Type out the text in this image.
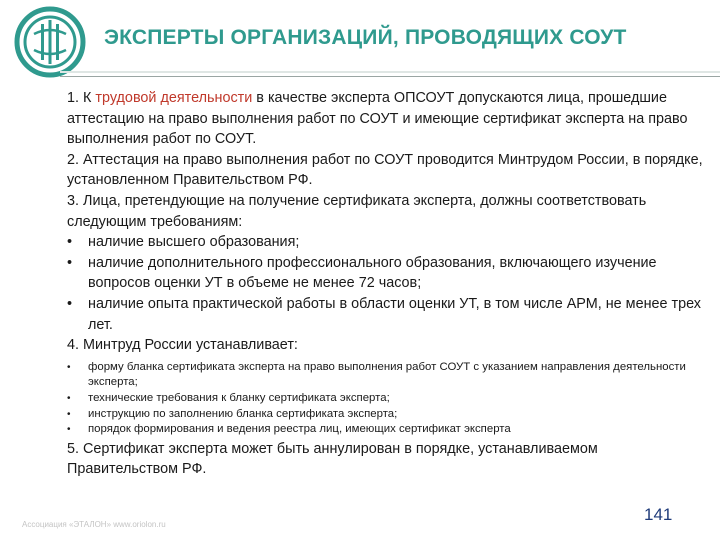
ЭКСПЕРТЫ ОРГАНИЗАЦИЙ, ПРОВОДЯЩИХ СОУТ

1. К трудовой деятельности в качестве эксперта ОПСОУТ допускаются лица, прошедшие аттестацию на право выполнения работ по СОУТ и имеющие сертификат эксперта на право выполнения работ по СОУТ.

2. Аттестация на право выполнения работ по СОУТ проводится Минтрудом России, в порядке, установленном Правительством РФ.

3. Лица, претендующие на получение сертификата эксперта, должны соответствовать следующим требованиям:

•	наличие высшего образования;
•	наличие дополнительного профессионального образования, включающего изучение вопросов оценки УТ в объеме не менее 72 часов;
•	наличие опыта практической работы в области оценки УТ, в том числе АРМ, не менее трех лет.

4. Минтруд России устанавливает:

•	форму бланка сертификата эксперта на право выполнения работ СОУТ с указанием направления деятельности эксперта;
•	технические требования к бланку сертификата эксперта;
•	инструкцию по заполнению бланка сертификата эксперта;
•	порядок формирования и ведения реестра лиц, имеющих сертификат эксперта

5. Сертификат эксперта может быть аннулирован в порядке, устанавливаемом Правительством РФ.

Ассоциация «ЭТАЛОН» www.oriolon.ru
141
